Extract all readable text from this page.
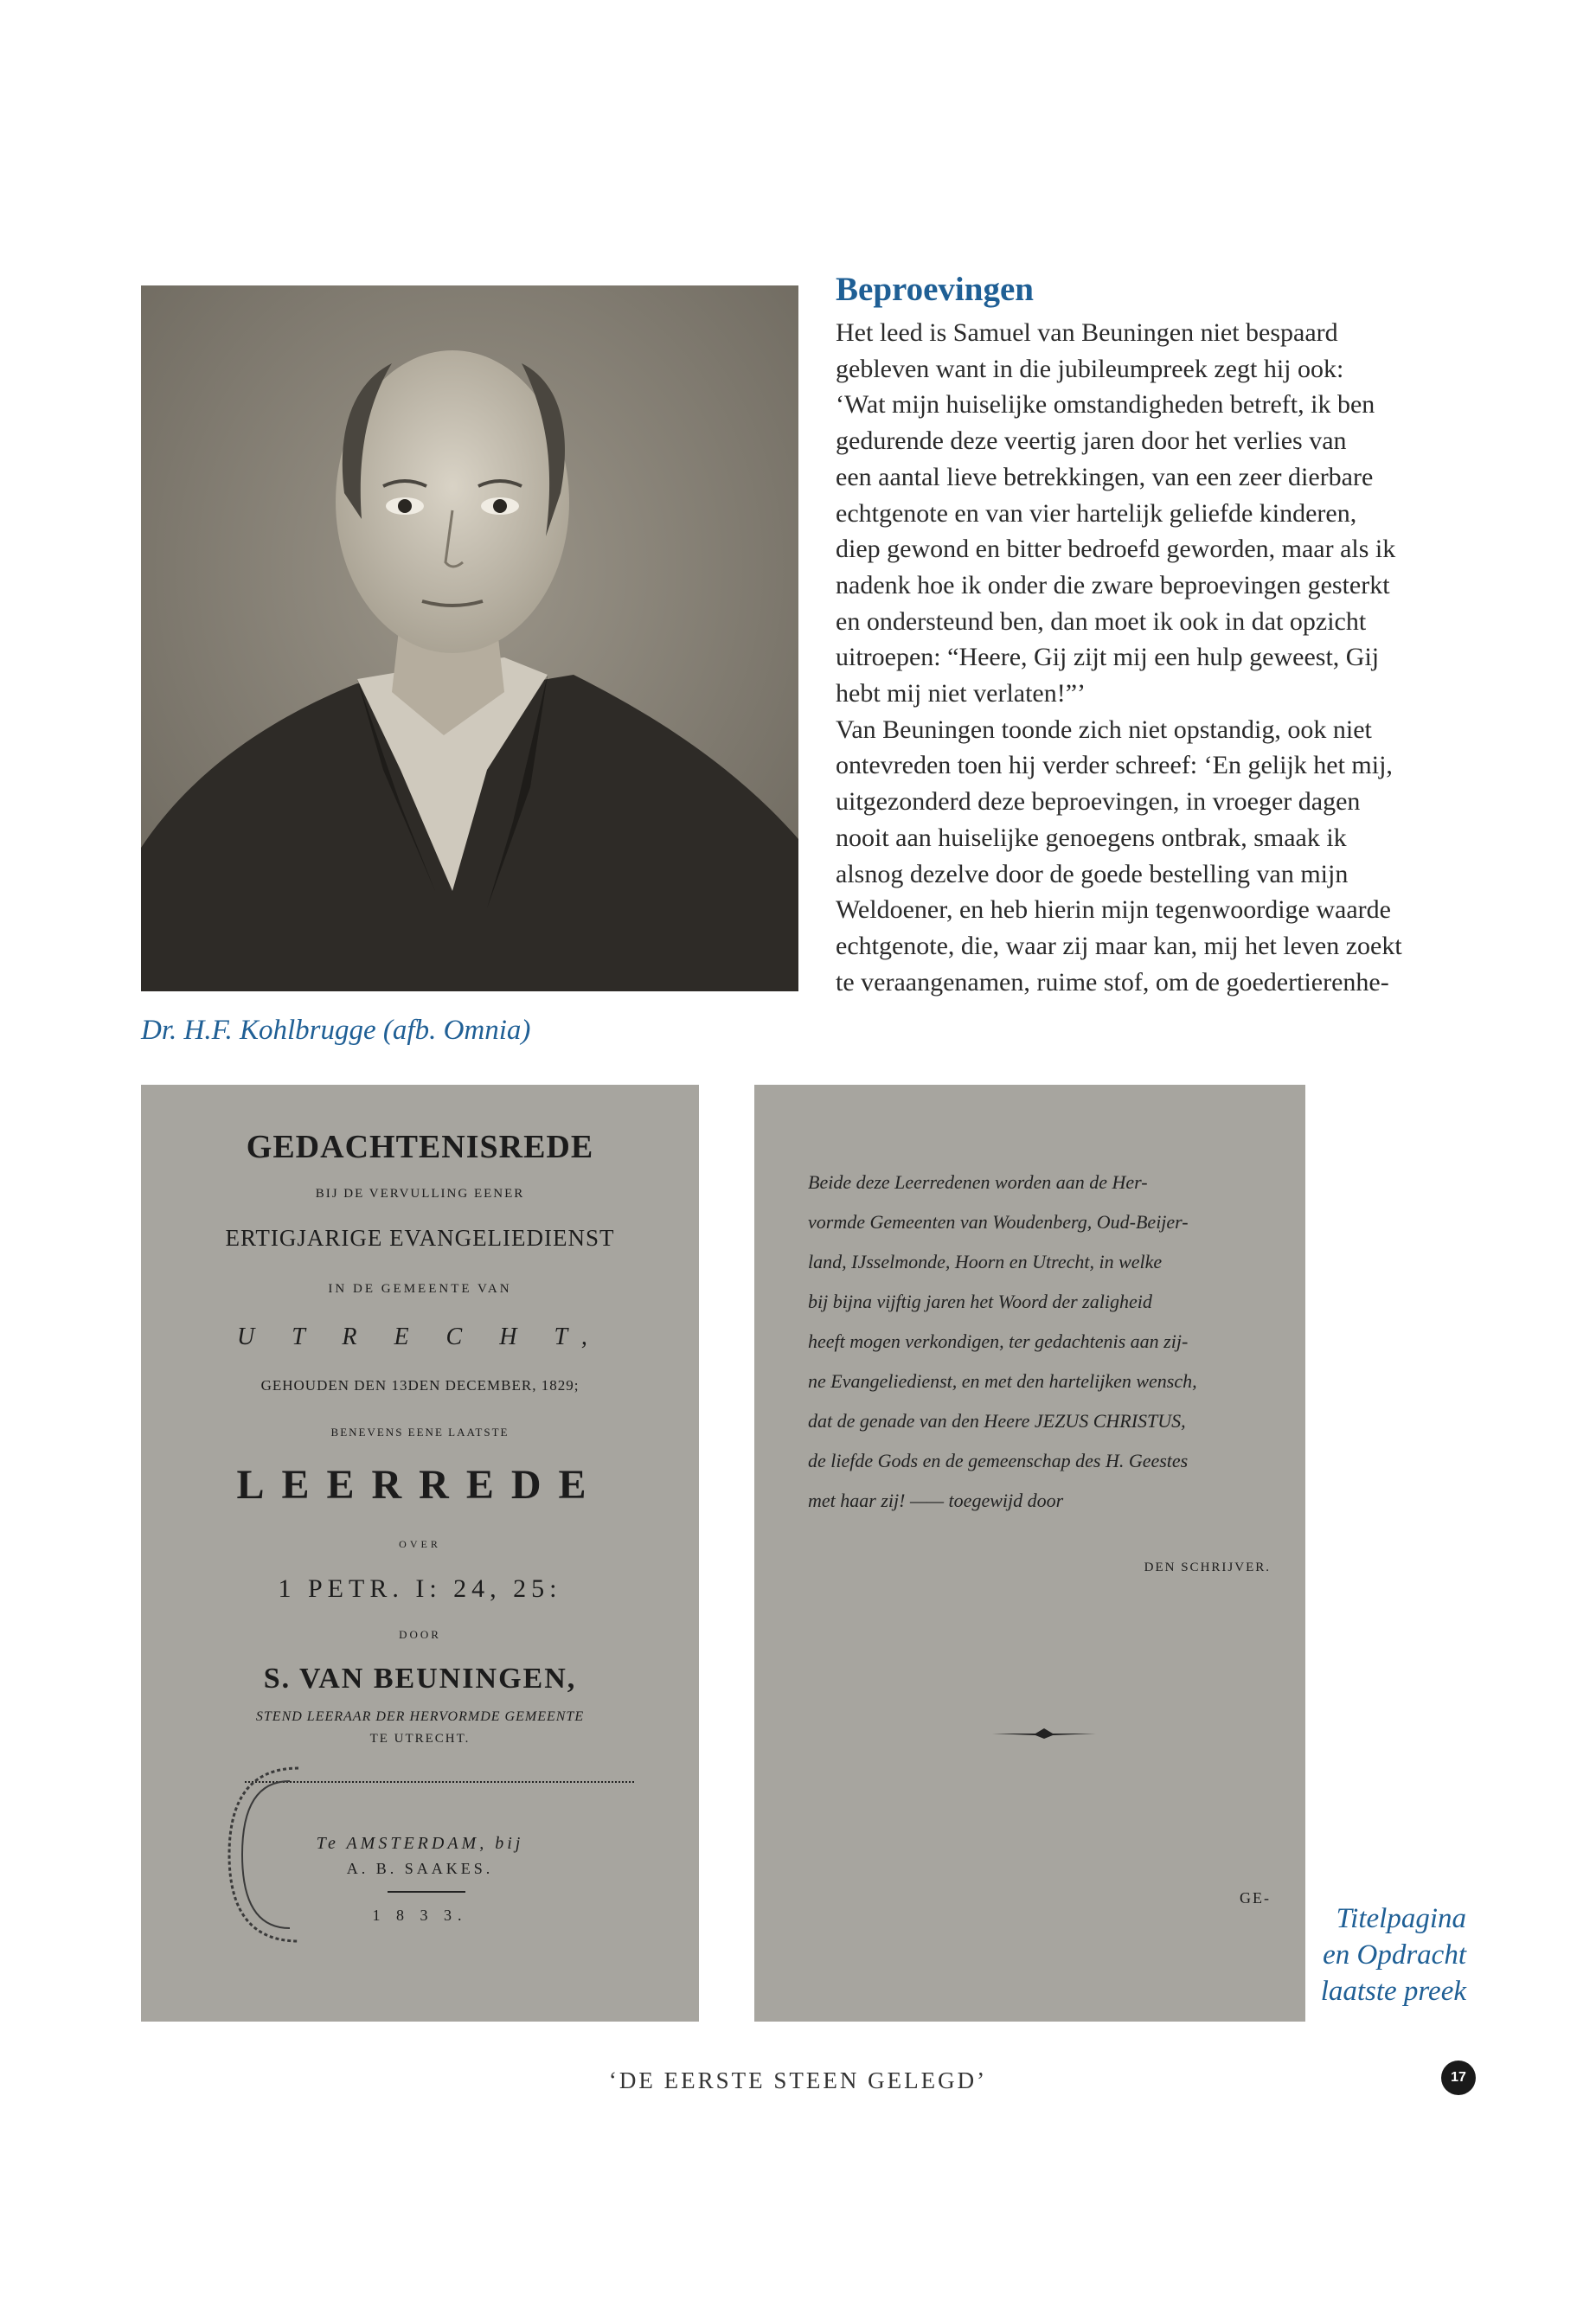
Dr. H.F. Kohlbrugge (afb. Omnia)
Beproevingen
Het leed is Samuel van Beuningen niet bespaard
gebleven want in die jubileumpreek zegt hij ook:
‘Wat mijn huiselijke omstandigheden betreft, ik ben
gedurende deze veertig jaren door het verlies van
een aantal lieve betrekkingen, van een zeer dierbare
echtgenote en van vier hartelijk geliefde kinderen,
diep gewond en bitter bedroefd geworden, maar als ik
nadenk hoe ik onder die zware beproevingen gesterkt
en ondersteund ben, dan moet ik ook in dat opzicht
uitroepen: “Heere, Gij zijt mij een hulp geweest, Gij
hebt mij niet verlaten!”’
Van Beuningen toonde zich niet opstandig, ook niet
ontevreden toen hij verder schreef: ‘En gelijk het mij,
uitgezonderd deze beproevingen, in vroeger dagen
nooit aan huiselijke genoegens ontbrak, smaak ik
alsnog dezelve door de goede bestelling van mijn
Weldoener, en heb hierin mijn tegenwoordige waarde
echtgenote, die, waar zij maar kan, mij het leven zoekt
te veraangenamen, ruime stof, om de goedertierenhe-
GEDACHTENISREDE
BIJ DE VERVULLING EENER
ERTIGJARIGE EVANGELIEDIENST
IN DE GEMEENTE VAN
U T R E C H T,
GEHOUDEN DEN 13DEN DECEMBER, 1829;
BENEVENS EENE LAATSTE
LEERREDE
OVER
1 PETR. I: 24, 25:
DOOR
S. VAN BEUNINGEN,
STEND LEERAAR DER HERVORMDE GEMEENTE
TE UTRECHT.
Te AMSTERDAM, bij
A. B. SAAKES.
1 8 3 3.
Beide deze Leerredenen worden aan de Her-
vormde Gemeenten van Woudenberg, Oud-Beijer-
land, IJsselmonde, Hoorn en Utrecht, in welke
bij bijna vijftig jaren het Woord der zaligheid
heeft mogen verkondigen, ter gedachtenis aan zij-
ne Evangeliedienst, en met den hartelijken wensch,
dat de genade van den Heere JEZUS CHRISTUS,
de liefde Gods en de gemeenschap des H. Geestes
met haar zij! —— toegewijd door
DEN SCHRIJVER.
GE-
Titelpagina
en Opdracht
laatste preek
‘DE EERSTE STEEN GELEGD’	17
